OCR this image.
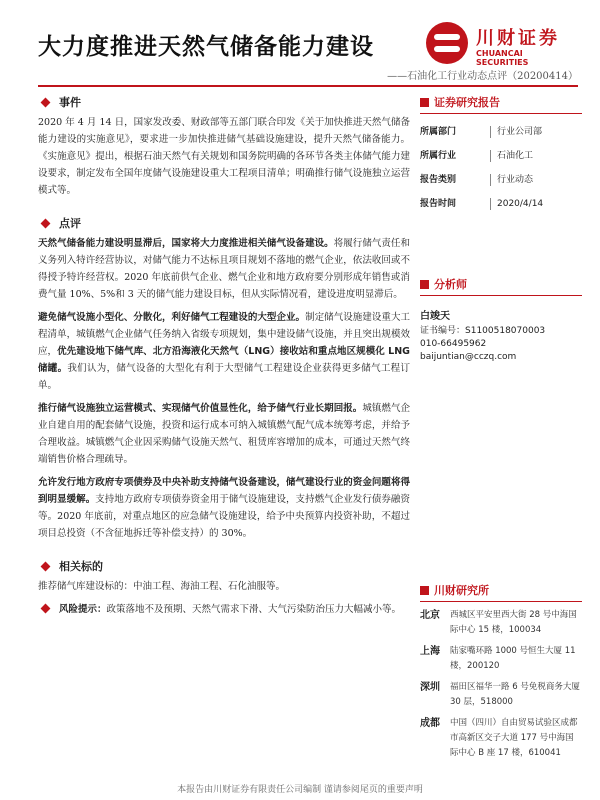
大力度推进天然气储备能力建设	川财证券
CHUANCAI SECURITIES
——石油化工行业动态点评（20200414）
事件

2020 年 4 月 14 日，国家发改委、财政部等五部门联合印发《关于加快推进天然气储备能力建设的实施意见》，要求进一步加快推进储气基础设施建设，提升天然气储备能力。《实施意见》提出，根据石油天然气有关规划和国务院明确的各环节各类主体储气能力建设要求，制定发布全国年度储气设施建设重大工程项目清单；明确推行储气设施独立运营模式等。

点评

天然气储备能力建设明显滞后，国家将大力度推进相关储气设备建设。将履行储气责任和义务列入特许经营协议，对储气能力不达标且项目规划不落地的燃气企业，依法收回或不得授予特许经营权。2020 年底前供气企业、燃气企业和地方政府要分别形成年销售或消费气量 10%、5%和 3 天的储气能力建设目标，但从实际情况看，建设进度明显滞后。

避免储气设施小型化、分散化，利好储气工程建设的大型企业。制定储气设施建设重大工程清单，城镇燃气企业储气任务纳入省级专项规划，集中建设储气设施，并且突出规模效应，优先建设地下储气库、北方沿海液化天然气（LNG）接收站和重点地区规模化 LNG 储罐。我们认为，储气设备的大型化有利于大型储气工程建设企业获得更多储气工程订单。

推行储气设施独立运营模式、实现储气价值显性化，给予储气行业长期回报。城镇燃气企业自建自用的配套储气设施，投资和运行成本可纳入城镇燃气配气成本统筹考虑，并给予合理收益。城镇燃气企业因采购储气设施天然气、租赁库容增加的成本，可通过天然气终端销售价格合理疏导。

允许发行地方政府专项债券及中央补助支持储气设备建设，储气建设行业的资金问题将得到明显缓解。支持地方政府专项债券资金用于储气设施建设，支持燃气企业发行债券融资等。2020 年底前，对重点地区的应急储气设施建设，给予中央预算内投资补助，不超过项目总投资（不含征地拆迁等补偿支持）的 30%。

相关标的

推荐储气库建设标的：中油工程、海油工程、石化油服等。

风险提示：政策落地不及预期、天然气需求下滑、大气污染防治压力大幅减小等。

证券研究报告
所属部门	行业公司部
所属行业	石油化工
报告类别	行业动态
报告时间	2020/4/14
分析师
白竣天
证书编号：S1100518070003
010-66495962
baijuntian@cczq.com
川财研究所
北京	西城区平安里西大街 28 号中海国际中心 15 楼，100034
上海	陆家嘴环路 1000 号恒生大厦 11 楼，200120
深圳	福田区福华一路 6 号免税商务大厦 30 层，518000
成都	中国（四川）自由贸易试验区成都市高新区交子大道 177 号中海国际中心 B 座 17 楼，610041
本报告由川财证券有限责任公司编制 谨请参阅尾页的重要声明
